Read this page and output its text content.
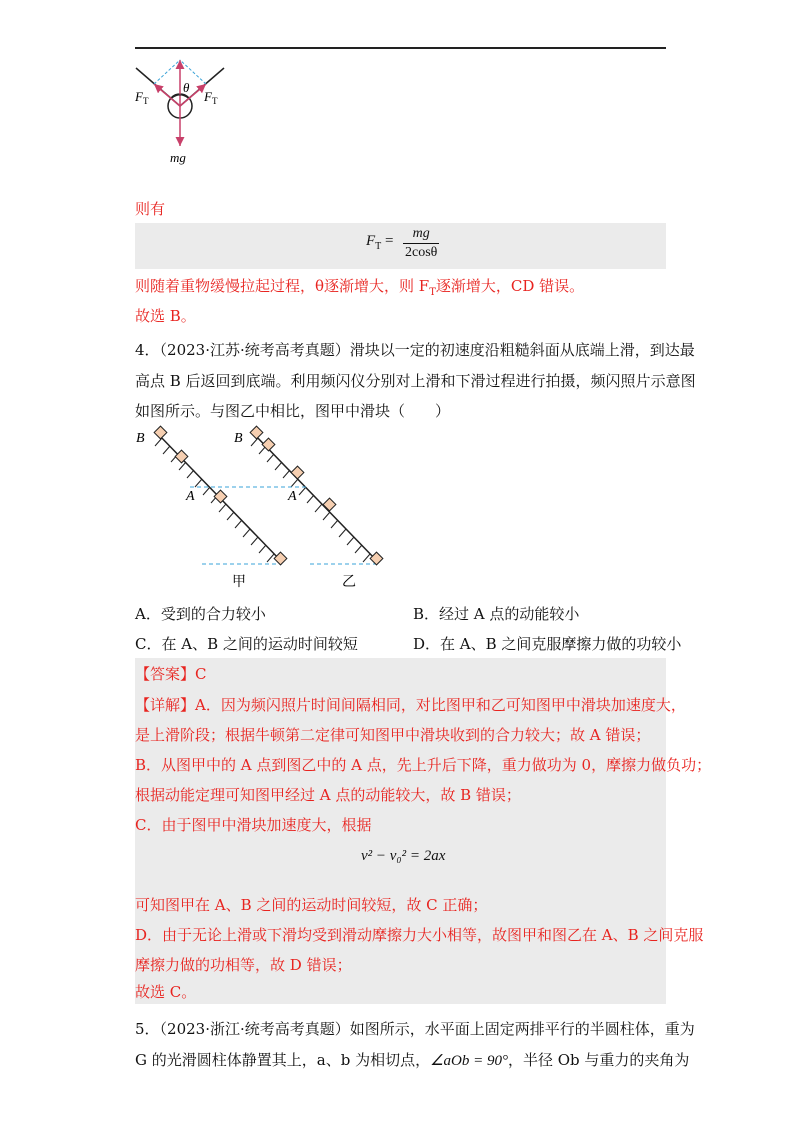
θ
$F_T$	$F_T$
mg
则有
$F_T$ =	mg
2cosθ
则随着重物缓慢拉起过程，θ逐渐增大，则 $F_T$逐渐增大，CD 错误。
故选 B。
4．（2023·江苏·统考高考真题）滑块以一定的初速度沿粗糙斜面从底端上滑，到达最
高点 B 后返回到底端。利用频闪仪分别对上滑和下滑过程进行拍摄，频闪照片示意图
如图所示。与图乙中相比，图甲中滑块（　　）
B
A
B
A
甲	乙
A．受到的合力较小	B．经过 A 点的动能较小
C．在 A、B 之间的运动时间较短	D．在 A、B 之间克服摩擦力做的功较小
【答案】C
【详解】A．因为频闪照片时间间隔相同，对比图甲和乙可知图甲中滑块加速度大，
是上滑阶段；根据牛顿第二定律可知图甲中滑块收到的合力较大；故 A 错误；
B．从图甲中的 A 点到图乙中的 A 点，先上升后下降，重力做功为 0，摩擦力做负功；
根据动能定理可知图甲经过 A 点的动能较大，故 B 错误；
C．由于图甲中滑块加速度大，根据
v² − v₀² = 2ax
可知图甲在 A、B 之间的运动时间较短，故 C 正确；
D．由于无论上滑或下滑均受到滑动摩擦力大小相等，故图甲和图乙在 A、B 之间克服
摩擦力做的功相等，故 D 错误；
故选 C。
5．（2023·浙江·统考高考真题）如图所示，水平面上固定两排平行的半圆柱体，重为
G 的光滑圆柱体静置其上，a、b 为相切点，∠aOb = 90°，半径 Ob 与重力的夹角为
